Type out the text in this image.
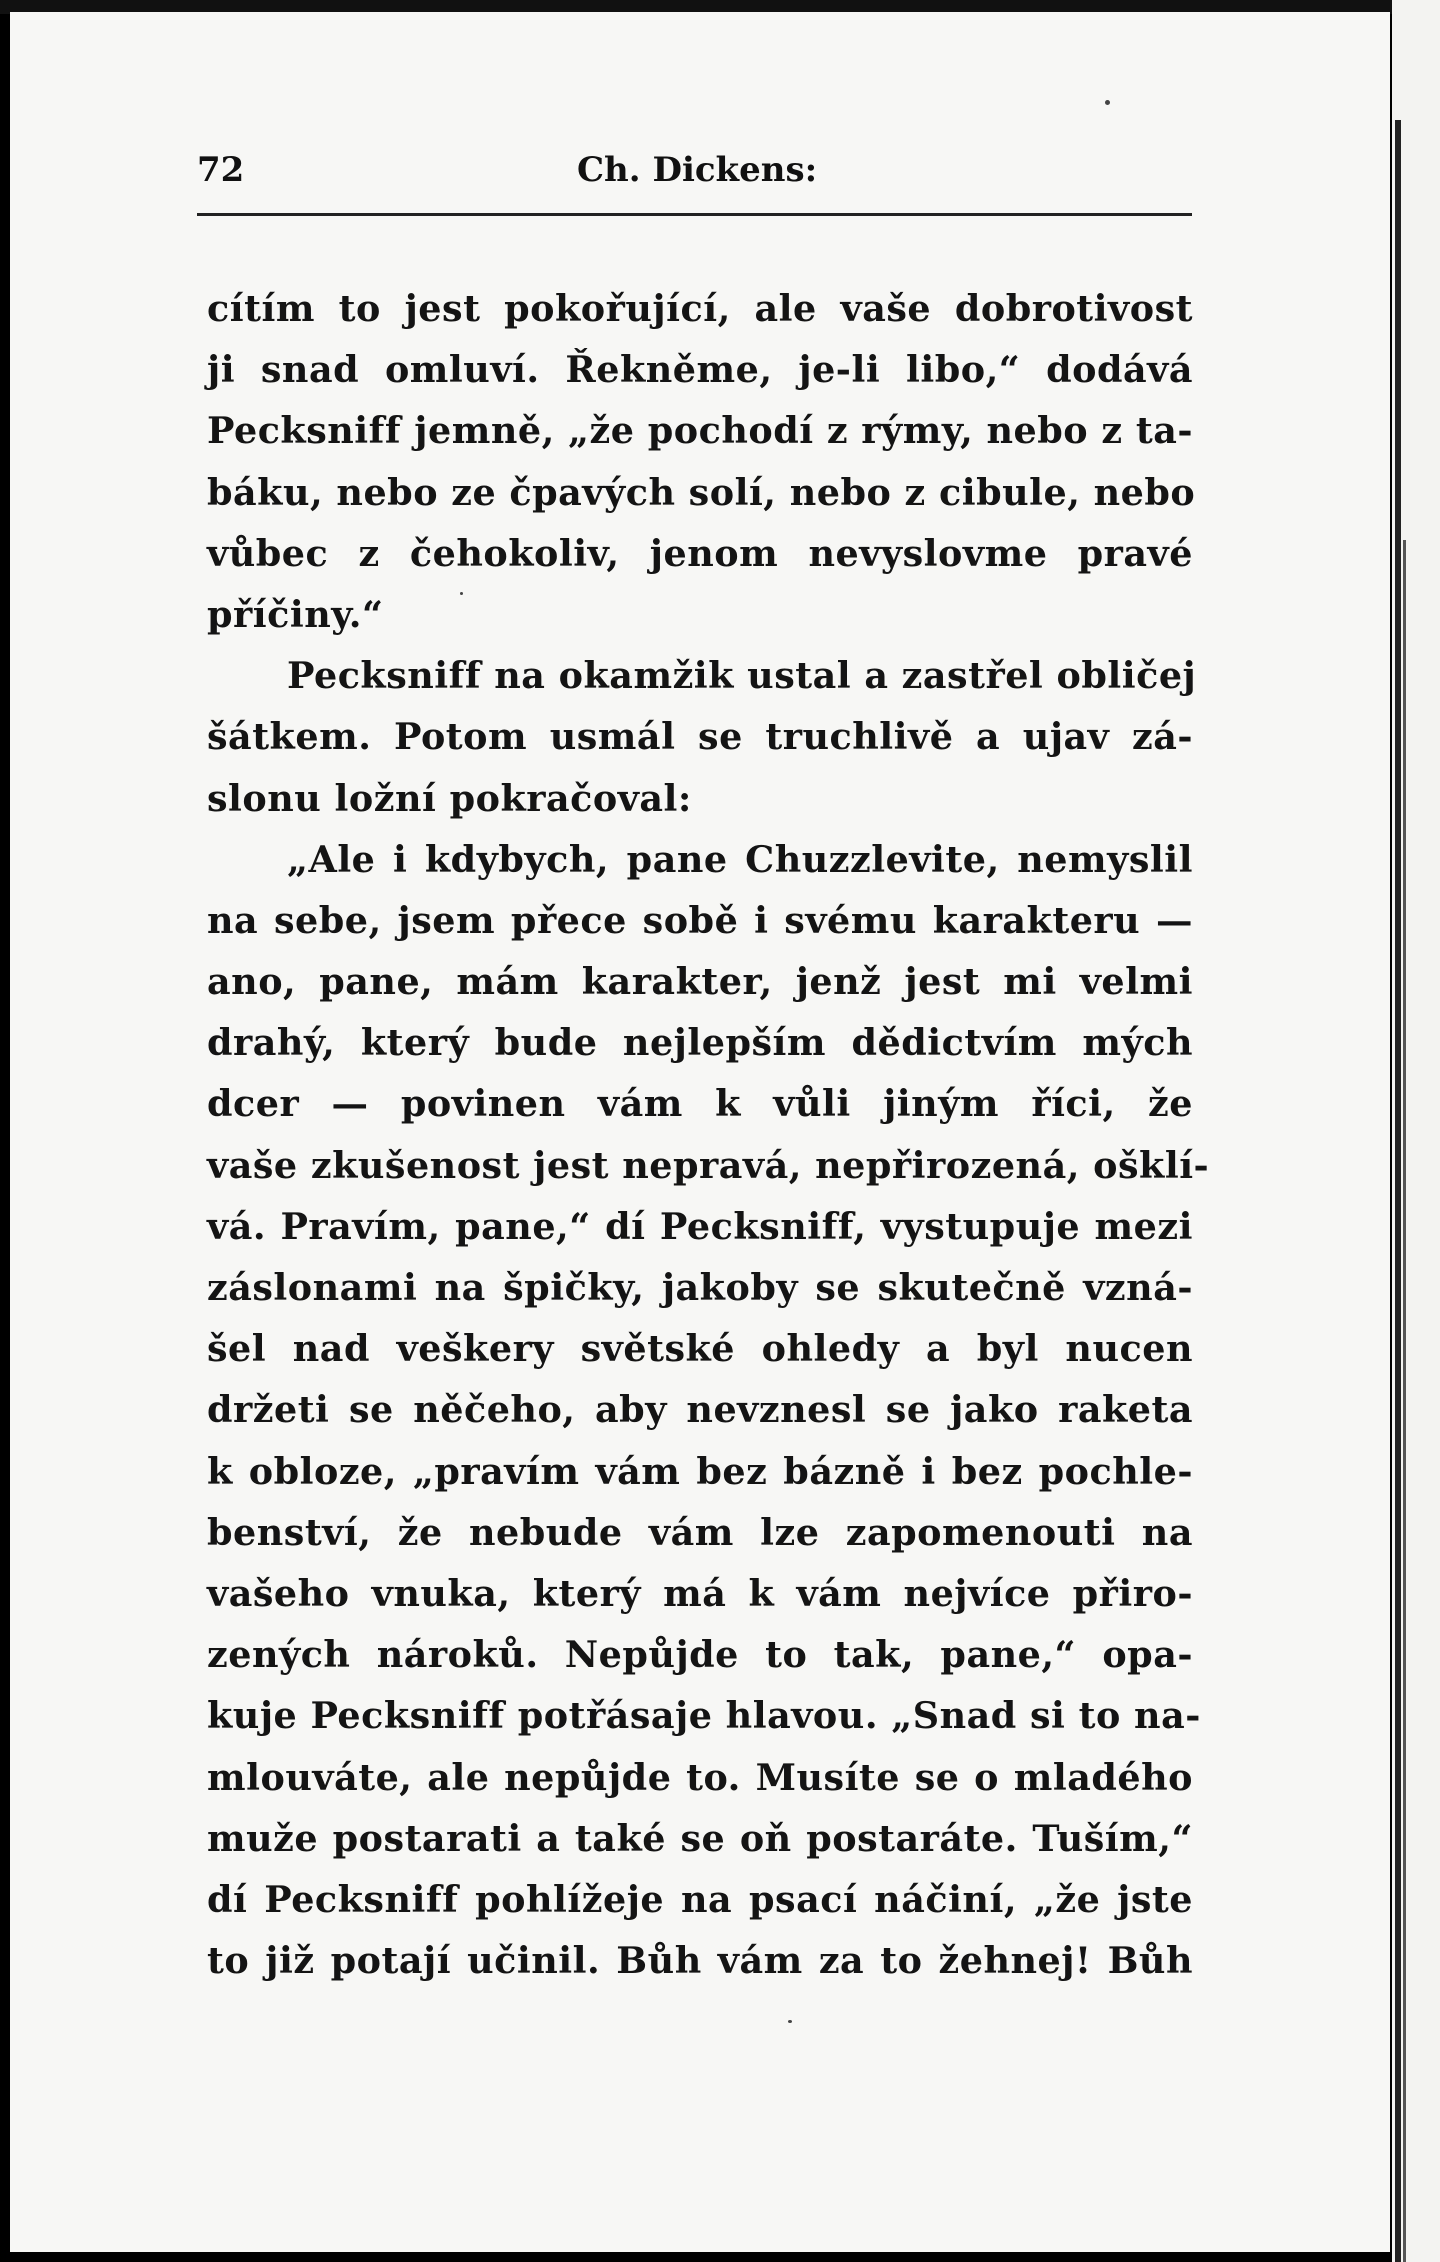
72	Ch. Dickens:
cítím to jest pokořující, ale vaše dobrotivost
ji snad omluví. Řekněme, je-li libo,“ dodává
Pecksniff jemně, „že pochodí z rýmy, nebo z ta-
báku, nebo ze čpavých solí, nebo z cibule, nebo
vůbec z čehokoliv, jenom nevyslovme pravé
příčiny.“
Pecksniff na okamžik ustal a zastřel obličej
šátkem. Potom usmál se truchlivě a ujav zá-
slonu ložní pokračoval:
„Ale i kdybych, pane Chuzzlevite, nemyslil
na sebe, jsem přece sobě i svému karakteru —
ano, pane, mám karakter, jenž jest mi velmi
drahý, který bude nejlepším dědictvím mých
dcer — povinen vám k vůli jiným říci, že
vaše zkušenost jest nepravá, nepřirozená, ošklí-
vá. Pravím, pane,“ dí Pecksniff, vystupuje mezi
záslonami na špičky, jakoby se skutečně vzná-
šel nad veškery světské ohledy a byl nucen
držeti se něčeho, aby nevznesl se jako raketa
k obloze, „pravím vám bez bázně i bez pochle-
benství, že nebude vám lze zapomenouti na
vašeho vnuka, který má k vám nejvíce přiro-
zených nároků. Nepůjde to tak, pane,“ opa-
kuje Pecksniff potřásaje hlavou. „Snad si to na-
mlouváte, ale nepůjde to. Musíte se o mladého
muže postarati a také se oň postaráte. Tuším,“
dí Pecksniff pohlížeje na psací náčiní, „že jste
to již potají učinil. Bůh vám za to žehnej! Bůh
